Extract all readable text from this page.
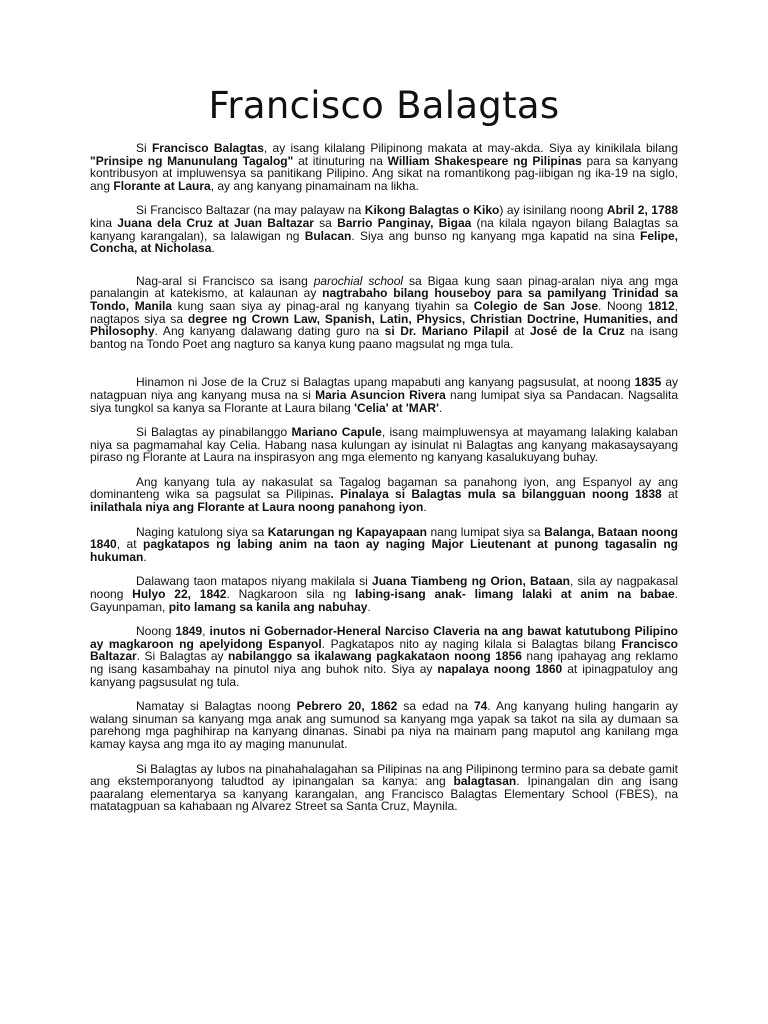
Francisco Balagtas

Si Francisco Balagtas, ay isang kilalang Pilipinong makata at may-akda. Siya ay kinikilala bilang "Prinsipe ng Manunulang Tagalog" at itinuturing na William Shakespeare ng Pilipinas para sa kanyang kontribusyon at impluwensya sa panitikang Pilipino. Ang sikat na romantikong pag-iibigan ng ika-19 na siglo, ang Florante at Laura, ay ang kanyang pinamainam na likha.

Si Francisco Baltazar (na may palayaw na Kikong Balagtas o Kiko) ay isinilang noong Abril 2, 1788 kina Juana dela Cruz at Juan Baltazar sa Barrio Panginay, Bigaa (na kilala ngayon bilang Balagtas sa kanyang karangalan), sa lalawigan ng Bulacan. Siya ang bunso ng kanyang mga kapatid na sina Felipe, Concha, at Nicholasa.

Nag-aral si Francisco sa isang parochial school sa Bigaa kung saan pinag-aralan niya ang mga panalangin at katekismo, at kalaunan ay nagtrabaho bilang houseboy para sa pamilyang Trinidad sa Tondo, Manila kung saan siya ay pinag-aral ng kanyang tiyahin sa Colegio de San Jose. Noong 1812, nagtapos siya sa degree ng Crown Law, Spanish, Latin, Physics, Christian Doctrine, Humanities, and Philosophy. Ang kanyang dalawang dating guro na si Dr. Mariano Pilapil at José de la Cruz na isang bantog na Tondo Poet ang nagturo sa kanya kung paano magsulat ng mga tula.

Hinamon ni Jose de la Cruz si Balagtas upang mapabuti ang kanyang pagsusulat, at noong 1835 ay natagpuan niya ang kanyang musa na si Maria Asuncion Rivera nang lumipat siya sa Pandacan. Nagsalita siya tungkol sa kanya sa Florante at Laura bilang 'Celia' at 'MAR'.

Si Balagtas ay pinabilanggo Mariano Capule, isang maimpluwensya at mayamang lalaking kalaban niya sa pagmamahal kay Celia. Habang nasa kulungan ay isinulat ni Balagtas ang kanyang makasaysayang piraso ng Florante at Laura na inspirasyon ang mga elemento ng kanyang kasalukuyang buhay.

Ang kanyang tula ay nakasulat sa Tagalog bagaman sa panahong iyon, ang Espanyol ay ang dominanteng wika sa pagsulat sa Pilipinas. Pinalaya si Balagtas mula sa bilangguan noong 1838 at inilathala niya ang Florante at Laura noong panahong iyon.

Naging katulong siya sa Katarungan ng Kapayapaan nang lumipat siya sa Balanga, Bataan noong 1840, at pagkatapos ng labing anim na taon ay naging Major Lieutenant at punong tagasalin ng hukuman.

Dalawang taon matapos niyang makilala si Juana Tiambeng ng Orion, Bataan, sila ay nagpakasal noong Hulyo 22, 1842. Nagkaroon sila ng labing-isang anak- limang lalaki at anim na babae. Gayunpaman, pito lamang sa kanila ang nabuhay.

Noong 1849, inutos ni Gobernador-Heneral Narciso Claveria na ang bawat katutubong Pilipino ay magkaroon ng apelyidong Espanyol. Pagkatapos nito ay naging kilala si Balagtas bilang Francisco Baltazar. Si Balagtas ay nabilanggo sa ikalawang pagkakataon noong 1856 nang ipahayag ang reklamo ng isang kasambahay na pinutol niya ang buhok nito. Siya ay napalaya noong 1860 at ipinagpatuloy ang kanyang pagsusulat ng tula.

Namatay si Balagtas noong Pebrero 20, 1862 sa edad na 74. Ang kanyang huling hangarin ay walang sinuman sa kanyang mga anak ang sumunod sa kanyang mga yapak sa takot na sila ay dumaan sa parehong mga paghihirap na kanyang dinanas. Sinabi pa niya na mainam pang maputol ang kanilang mga kamay kaysa ang mga ito ay maging manunulat.

Si Balagtas ay lubos na pinahahalagahan sa Pilipinas na ang Pilipinong termino para sa debate gamit ang ekstemporanyong taludtod ay ipinangalan sa kanya: ang balagtasan. Ipinangalan din ang isang paaralang elementarya sa kanyang karangalan, ang Francisco Balagtas Elementary School (FBES), na matatagpuan sa kahabaan ng Alvarez Street sa Santa Cruz, Maynila.
